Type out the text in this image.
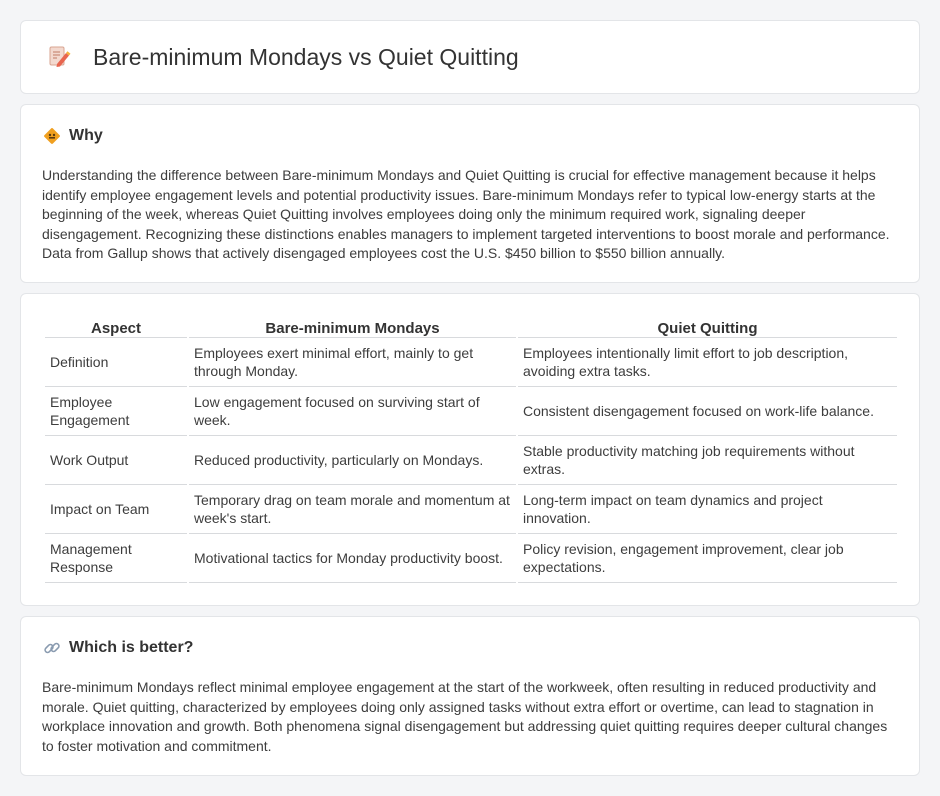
Bare-minimum Mondays vs Quiet Quitting
Why

Understanding the difference between Bare-minimum Mondays and Quiet Quitting is crucial for effective management because it helps identify employee engagement levels and potential productivity issues. Bare-minimum Mondays refer to typical low-energy starts at the beginning of the week, whereas Quiet Quitting involves employees doing only the minimum required work, signaling deeper disengagement. Recognizing these distinctions enables managers to implement targeted interventions to boost morale and performance. Data from Gallup shows that actively disengaged employees cost the U.S. $450 billion to $550 billion annually.

Aspect	Bare-minimum Mondays	Quiet Quitting
Definition	Employees exert minimal effort, mainly to get through Monday.	Employees intentionally limit effort to job description, avoiding extra tasks.
Employee Engagement	Low engagement focused on surviving start of week.	Consistent disengagement focused on work-life balance.
Work Output	Reduced productivity, particularly on Mondays.	Stable productivity matching job requirements without extras.
Impact on Team	Temporary drag on team morale and momentum at week's start.	Long-term impact on team dynamics and project innovation.
Management Response	Motivational tactics for Monday productivity boost.	Policy revision, engagement improvement, clear job expectations.
Which is better?

Bare-minimum Mondays reflect minimal employee engagement at the start of the workweek, often resulting in reduced productivity and morale. Quiet quitting, characterized by employees doing only assigned tasks without extra effort or overtime, can lead to stagnation in workplace innovation and growth. Both phenomena signal disengagement but addressing quiet quitting requires deeper cultural changes to foster motivation and commitment.
